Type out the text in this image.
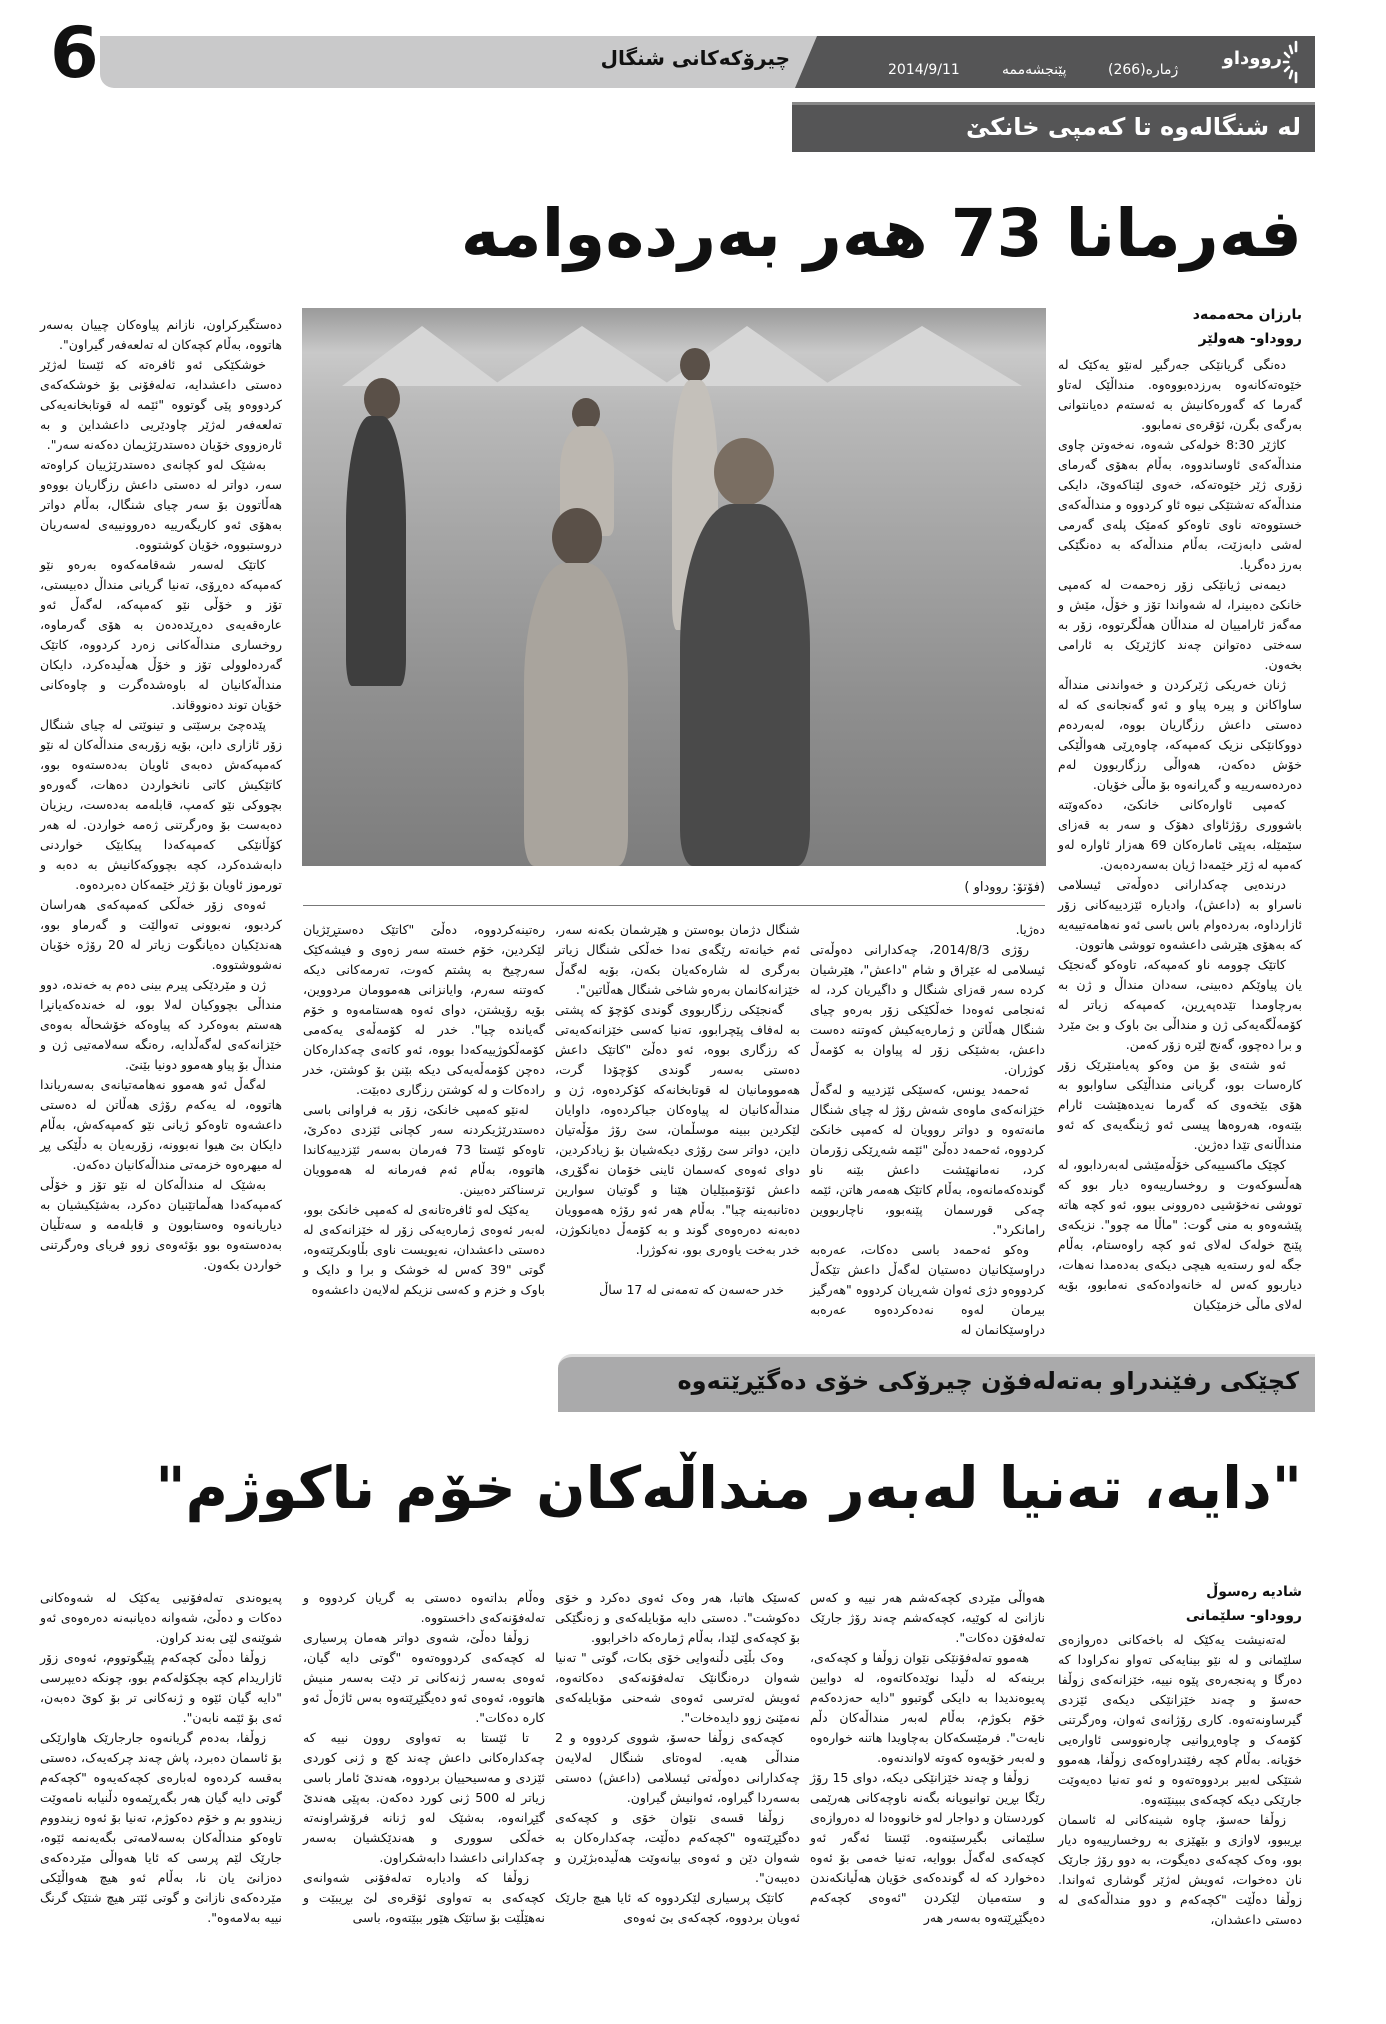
6	چیرۆکەکانی شنگال	2014/9/11	پێنجشەممە	ژمارە(266)
رووداو
لە شنگالەوە تا کەمپی خانکێ
فەرمانا 73 هەر بەردەوامە
(فۆتۆ: رووداو )
بارزان محەممەد
رووداو- هەولێر

دەنگی گریانێکی جەرگبڕ لەنێو یەکێک لە خێوەتەکانەوە بەرزدەبووەوە. منداڵێک لەتاو گەرما کە گەورەکانیش بە ئەستەم دەیانتوانی بەرگەی بگرن، ئۆقرەی نەمابوو.

کاژێر 8:30 خولەکی شەوە، نەخەوتن چاوی منداڵەکەی ئاوساندووە، بەڵام بەهۆی گەرمای زۆری ژێر خێوەتەکە، خەوی لێناکەوێ، دایکی منداڵەکە تەشتێکی نیوە ئاو کردووە و منداڵەکەی خستووەتە ناوی تاوەکو کەمێک پلەی گەرمی لەشی دابەزێت، بەڵام منداڵەکە بە دەنگێکی بەرز دەگریا.

دیمەنی ژیانێکی زۆر زەحمەت لە کەمپی خانکێ دەبینرا، لە شەواندا تۆز و خۆڵ، مێش و مەگەز ئارامییان لە منداڵان هەڵگرتووە، زۆر بە سەختی دەتوانن چەند کاژێرێک بە ئارامی بخەون.

ژنان خەریکی ژێرکردن و خەواندنی منداڵە ساواکانن و پیرە پیاو و ئەو گەنجانەی کە لە دەستی داعش رزگاریان بووە، لەبەردەم دووکانێکی نزیک کەمپەکە، چاوەڕێی هەواڵێکی خۆش دەکەن، هەواڵی رزگاربوون لەم دەردەسەرییە و گەڕانەوە بۆ ماڵی خۆیان.

کەمپی ئاوارەکانی خانکێ، دەکەوێتە باشووری رۆژئاوای دهۆک و سەر بە قەزای سێمێلە، بەپێی ئامارەکان 69 هەزار ئاوارە لەو کەمپە لە ژێر خێمەدا ژیان بەسەردەبەن.

درندەیی چەکدارانی دەوڵەتی ئیسلامی ناسراو بە (داعش)، وادیارە ئێزدییەکانی زۆر ئازارداوە، بەردەوام باس باسی ئەو نەهامەتییەیە کە بەهۆی هێرشی داعشەوە تووشی هاتوون.

کاتێک چوومە ناو کەمپەکە، تاوەکو گەنجێک یان پیاوێکم دەبینی، سەدان منداڵ و ژن بە بەرچاومدا تێدەپەڕین، کەمپەکە زیاتر لە کۆمەڵگەیەکی ژن و منداڵی بێ باوک و بێ مێرد و برا دەچوو، گەنج لێرە زۆر کەمن.

ئەو شتەی بۆ من وەکو پەیامنێرێک زۆر کارەسات بوو، گریانی منداڵێکی ساوابوو بە هۆی بێخەوی کە گەرما نەیدەهێشت ئارام بێتەوە، هەروەها پیسی ئەو ژینگەیەی کە ئەو منداڵانەی تێدا دەژین.

کچێک ماکسییەکی خۆڵەمێشی لەبەردابوو، لە هەڵسوکەوت و روخسارییەوە دیار بوو کە تووشی نەخۆشیی دەروونی ببوو، ئەو کچە هاتە پێشەوەو بە منی گوت: "ماڵا مە چوو". نزیکەی پێنج خولەک لەلای ئەو کچە راوەستام، بەڵام جگە لەو رستەیە هیچی دیکەی بەدەمدا نەهات، دیاربوو کەس لە خانەوادەکەی نەمابوو، بۆیە لەلای ماڵی خزمێکیان

دەژیا.

رۆژی 2014/8/3، چەکدارانی دەوڵەتی ئیسلامی لە عێراق و شام "داعش"، هێرشیان کردە سەر قەزای شنگال و داگیریان کرد، لە ئەنجامی ئەوەدا خەڵکێکی زۆر بەرەو چیای شنگال هەڵاتن و ژمارەیەکیش کەوتنە دەست داعش، بەشێکی زۆر لە پیاوان بە کۆمەڵ کوژران.

ئەحمەد یونس، کەسێکی ئێزدییە و لەگەڵ خێزانەکەی ماوەی شەش رۆژ لە چیای شنگال مانەتەوە و دواتر روویان لە کەمپی خانکێ کردووە، ئەحمەد دەڵێ "ئێمە شەڕێکی زۆرمان کرد، نەمانهێشت داعش بێنە ناو گوندەکەمانەوە، بەڵام کاتێک هەمەر هاتن، ئێمە چەکی قورسمان پێنەبوو، ناچاربووین رامانکرد".

وەکو ئەحمەد باسی دەکات، عەرەبە دراوسێکانیان دەستیان لەگەڵ داعش تێکەڵ کردووەو دژی ئەوان شەڕیان کردووە "هەرگیز بیرمان لەوە نەدەکردەوە عەرەبە دراوسێکانمان لە

شنگال دژمان بوەستن و هێرشمان بکەنە سەر، ئەم خیانەتە رێگەی نەدا خەڵکی شنگال زیاتر بەرگری لە شارەکەیان بکەن، بۆیە لەگەڵ خێزانەکانمان بەرەو شاخی شنگال هەڵاتین".

گەنجێکی رزگاربووی گوندی کۆچۆ کە پشتی بە لەفاف پێچرابوو، تەنیا کەسی خێزانەکەیەتی کە رزگاری بووە، ئەو دەڵێ "کاتێک داعش دەستی بەسەر گوندی کۆچۆدا گرت، هەموومانیان لە قوتابخانەکە کۆکردەوە، ژن و منداڵەکانیان لە پیاوەکان جیاکردەوە، داوایان لێکردین ببینە موسڵمان، سێ رۆژ مۆڵەتیان داین، دواتر سێ رۆژی دیکەشیان بۆ زیادکردین، دوای ئەوەی کەسمان ئاینی خۆمان نەگۆڕی، داعش ئۆتۆمبێلیان هێنا و گوتیان سوارین دەتانبەینە چیا". بەڵام هەر ئەو رۆژە هەموویان دەبەنە دەرەوەی گوند و بە کۆمەڵ دەیانکوژن، خدر بەخت یاوەری بوو، نەکوژرا.

خدر حەسەن کە تەمەنی لە 17 ساڵ

رەتینەکردووە، دەڵێ "کاتێک دەستڕێژیان لێکردین، خۆم خستە سەر زەوی و فیشەکێک سەرچیخ بە پشتم کەوت، تەرمەکانی دیکە کەوتنە سەرم، وایانزانی هەموومان مردووین، بۆیە رۆیشتن، دوای ئەوە هەستامەوە و خۆم گەیاندە چیا". خدر لە کۆمەڵەی یەکەمی کۆمەڵکوژییەکەدا بووە، ئەو کاتەی چەکدارەکان دەچن کۆمەڵەیەکی دیکە بێنن بۆ کوشتن، خدر رادەکات و لە کوشتن رزگاری دەبێت.

لەنێو کەمپی خانکێ، زۆر بە فراوانی باسی دەستدرێژیکردنە سەر کچانی ئێزدی دەکرێ، تاوەکو ئێستا 73 فەرمان بەسەر ئێزدییەکاندا هاتووە، بەڵام ئەم فەرمانە لە هەموویان ترسناکتر دەبینن.

یەکێک لەو ئافرەتانەی لە کەمپی خانکێ بوو، لەبەر ئەوەی ژمارەیەکی زۆر لە خێزانەکەی لە دەستی داعشدان، نەیویست ناوی بڵاوبکرێتەوە، گوتی "39 کەس لە خوشک و برا و دایک و باوک و خزم و کەسی نزیکم لەلایەن داعشەوە

دەستگیرکراون، نازانم پیاوەکان چییان بەسەر هاتووە، بەڵام کچەکان لە تەلعەفەر گیراون".

خوشکێکی ئەو ئافرەتە کە ئێستا لەژێر دەستی داعشدایە، تەلەفۆنی بۆ خوشکەکەی کردووەو پێی گوتووە "ئێمە لە قوتابخانەیەکی تەلعەفەر لەژێر چاودێریی داعشداین و بە ئارەزووی خۆیان دەستدرێژیمان دەکەنە سەر".

بەشێک لەو کچانەی دەستدرێژییان کراوەتە سەر، دواتر لە دەستی داعش رزگاریان بووەو هەڵاتوون بۆ سەر چیای شنگال، بەڵام دواتر بەهۆی ئەو کاریگەرییە دەروونییەی لەسەریان دروستبووە، خۆیان کوشتووە.

کاتێک لەسەر شەقامەکەوە بەرەو نێو کەمپەکە دەڕۆی، تەنیا گریانی منداڵ دەبیستی، تۆز و خۆڵی نێو کەمپەکە، لەگەڵ ئەو عارەقەیەی دەڕێدەدەن بە هۆی گەرماوە، روخساری منداڵەکانی زەرد کردووە، کاتێک گەردەلوولی تۆز و خۆڵ هەڵیدەکرد، دایکان منداڵەکانیان لە باوەشدەگرت و چاوەکانی خۆیان توند دەنووقاند.

پێدەچێ برسێتی و تینوێتی لە چیای شنگال زۆر ئازاری دابن، بۆیە زۆربەی منداڵەکان لە نێو کەمپەکەش دەبەی ئاویان بەدەستەوە بوو، کاتێکیش کاتی نانخواردن دەهات، گەورەو بچووکی نێو کەمپ، قابلەمە بەدەست، ریزیان دەبەست بۆ وەرگرتنی ژەمە خواردن. لە هەر کۆڵانێکی کەمپەکەدا پیکابێک خواردنی دابەشدەکرد، کچە بچووکەکانیش بە دەبە و تورموز ئاویان بۆ ژێر خێمەکان دەبردەوە.

ئەوەی زۆر خەڵکی کەمپەکەی هەراسان کردبوو، نەبوونی تەوالێت و گەرماو بوو، هەندێکیان دەیانگوت زیاتر لە 20 رۆژە خۆیان نەشووشتووە.

ژن و مێردێکی پیرم بینی دەم بە خەندە، دوو منداڵی بچووکیان لەلا بوو، لە خەندەکەیانڕا هەستم بەوەکرد کە پیاوەکە خۆشحاڵە بەوەی خێزانەکەی لەگەڵدایە، رەنگە سەلامەتیی ژن و منداڵ بۆ پیاو هەموو دونیا بێنێ.

لەگەڵ ئەو هەموو نەهامەتیانەی بەسەریاندا هاتووە، لە یەکەم رۆژی هەڵاتن لە دەستی داعشەوە تاوەکو ژیانی نێو کەمپەکەش، بەڵام دایکان بێ هیوا نەبوونە، زۆربەیان بە دڵێکی پڕ لە میهرەوە خزمەتی منداڵەکانیان دەکەن.

بەشێک لە منداڵەکان لە نێو تۆز و خۆڵی کەمپەکەدا هەڵماتێنیان دەکرد، بەشێکیشیان بە دیاریانەوە وەستابوون و قابلەمە و سەتڵیان بەدەستەوە بوو بۆئەوەی زوو فریای وەرگرتنی خواردن بکەون.

کچێکی رفێندراو بەتەلەفۆن چیرۆکی خۆی دەگێڕێتەوە
"دایە، تەنیا لەبەر منداڵەکان خۆم ناکوژم"
شادیە رەسوڵ
رووداو- سلێمانی

لەتەنیشت یەکێک لە باخەکانی دەروازەی سلێمانی و لە نێو بینایەکی تەواو نەکراودا کە دەرگا و پەنجەرەی پێوە نییە، خێزانەکەی زوڵفا حەسۆ و چەند خێزانێکی دیکەی ئێزدی گیرساونەتەوە. کاری رۆژانەی ئەوان، وەرگرتنی کۆمەک و چاوەڕوانیی چارەنووسی ئاوارەیی خۆیانە. بەڵام کچە رفێندراوەکەی زوڵفا، هەموو شتێکی لەبیر بردووەتەوە و ئەو تەنیا دەیەوێت جارێکی دیکە کچەکەی ببینێتەوە.

زوڵفا حەسۆ، چاوە شینەکانی لە ئاسمان بڕیبوو، لاوازی و بێهێزی بە روخسارییەوە دیار بوو، وەک کچەکەی دەیگوت، بە دوو رۆژ جارێک نان دەخوات، ئەویش لەژێر گوشاری ئەواندا. زوڵفا دەڵێت "کچەکەم و دوو منداڵەکەی لە دەستی داعشدان،

هەواڵی مێردی کچەکەشم هەر نییە و کەس نازانێ لە کوێیە، کچەکەشم چەند رۆژ جارێک تەلەفۆن دەکات".

هەموو تەلەفۆنێکی نێوان زوڵفا و کچەکەی، برینەکە لە دڵیدا نوێدەکاتەوە، لە دوایین پەیوەندیدا بە دایکی گوتبوو "دایە حەزدەکەم خۆم بکوژم، بەڵام لەبەر منداڵەکان دڵم نایەت". فرمێسکەکان بەچاویدا هاتنە خوارەوە و لەبەر خۆیەوە کەوتە لاواندنەوە.

زوڵفا و چەند خێزانێکی دیکە، دوای 15 رۆژ رێگا بڕین توانیویانە بگەنە ناوچەکانی هەرێمی کوردستان و دواجار لەو خانووەدا لە دەروازەی سلێمانی بگیرسێنەوە. ئێستا ئەگەر ئەو کچەکەی لەگەڵ بووایە، تەنیا خەمی بۆ ئەوە دەخوارد کە لە گوندەکەی خۆیان هەڵیانکەندن و ستەمیان لێکردن "ئەوەی کچەکەم دەیگێڕێتەوە بەسەر هەر

کەسێک هاتبا، هەر وەک ئەوی دەکرد و خۆی دەکوشت". دەستی دایە مۆبایلەکەی و زەنگێکی بۆ کچەکەی لێدا، بەڵام ژمارەکە داخرابوو.

وەک بڵێی دڵنەوایی خۆی بکات، گوتی " تەنیا شەوان درەنگانێک تەلەفۆنەکەی دەکاتەوە، ئەویش لەترسی ئەوەی شەحنی مۆبایلەکەی نەمێنێ زوو دایدەخات".

کچەکەی زوڵفا حەسۆ، شووی کردووە و 2 منداڵی هەیە. لەوەتای شنگال لەلایەن چەکدارانی دەوڵەتی ئیسلامی (داعش) دەستی بەسەردا گیراوە، ئەوانیش گیراون.

زوڵفا قسەی نێوان خۆی و کچەکەی دەگێڕێتەوە "کچەکەم دەڵێت، چەکدارەکان بە شەوان دێن و ئەوەی بیانەوێت هەڵیدەبژێرن و دەیبەن".

کاتێک پرسیاری لێکردووە کە ئایا هیچ جارێک ئەویان بردووە، کچەکەی بێ ئەوەی

وەڵام بداتەوە دەستی بە گریان کردووە و تەلەفۆنەکەی داخستووە.

زوڵفا دەڵێ، شەوی دواتر هەمان پرسیاری لە کچەکەی کردووەتەوە "گوتی دایە گیان، ئەوەی بەسەر ژنەکانی تر دێت بەسەر منیش هاتووە، ئەوەی ئەو دەیگێڕێتەوە بەس ئاژەڵ ئەو کارە دەکات".

تا ئێستا بە تەواوی روون نییە کە چەکدارەکانی داعش چەند کچ و ژنی کوردی ئێزدی و مەسیحییان بردووە، هەندێ ئامار باسی زیاتر لە 500 ژنی کورد دەکەن. بەپێی هەندێ گێڕانەوە، بەشێک لەو ژنانە فرۆشراونەتە خەڵکی سووری و هەندێکشیان بەسەر چەکدارانی داعشدا دابەشکراون.

زوڵفا کە وادیارە تەلەفۆنی شەوانەی کچەکەی بە تەواوی ئۆقرەی لێ بڕیبێت و نەهێڵێت بۆ ساتێک هێور ببێتەوە، باسی

پەیوەندی تەلەفۆنیی یەکێک لە شەوەکانی دەکات و دەڵێ، شەوانە دەیانبەنە دەرەوەی ئەو شوێنەی لێی بەند کراون.

زوڵفا دەڵێ کچەکەم پێیگوتووم، ئەوەی زۆر ئازاریدام کچە بچکۆلەکەم بوو، چونکە دەیپرسی "دایە گیان ئێوە و ژنەکانی تر بۆ کوێ دەبەن، ئەی بۆ ئێمە نابەن".

زوڵفا، بەدەم گریانەوە جارجارێک هاوارێکی بۆ ئاسمان دەبرد، پاش چەند چرکەیەک، دەستی بەقسە کردەوە لەبارەی کچەکەیەوە "کچەکەم گوتی دایە گیان هەر بگەڕێمەوە دڵنیابە نامەوێت زیندوو بم و خۆم دەکوژم، تەنیا بۆ ئەوە زیندووم تاوەکو منداڵەکان بەسەلامەتی بگەیەنمە ئێوە، جارێک لێم پرسی کە ئایا هەواڵی مێردەکەی دەزانێ یان نا، بەڵام ئەو هیچ هەواڵێکی مێردەکەی نازانێ و گوتی ئێتر هیچ شتێک گرنگ نییە بەلامەوە".
